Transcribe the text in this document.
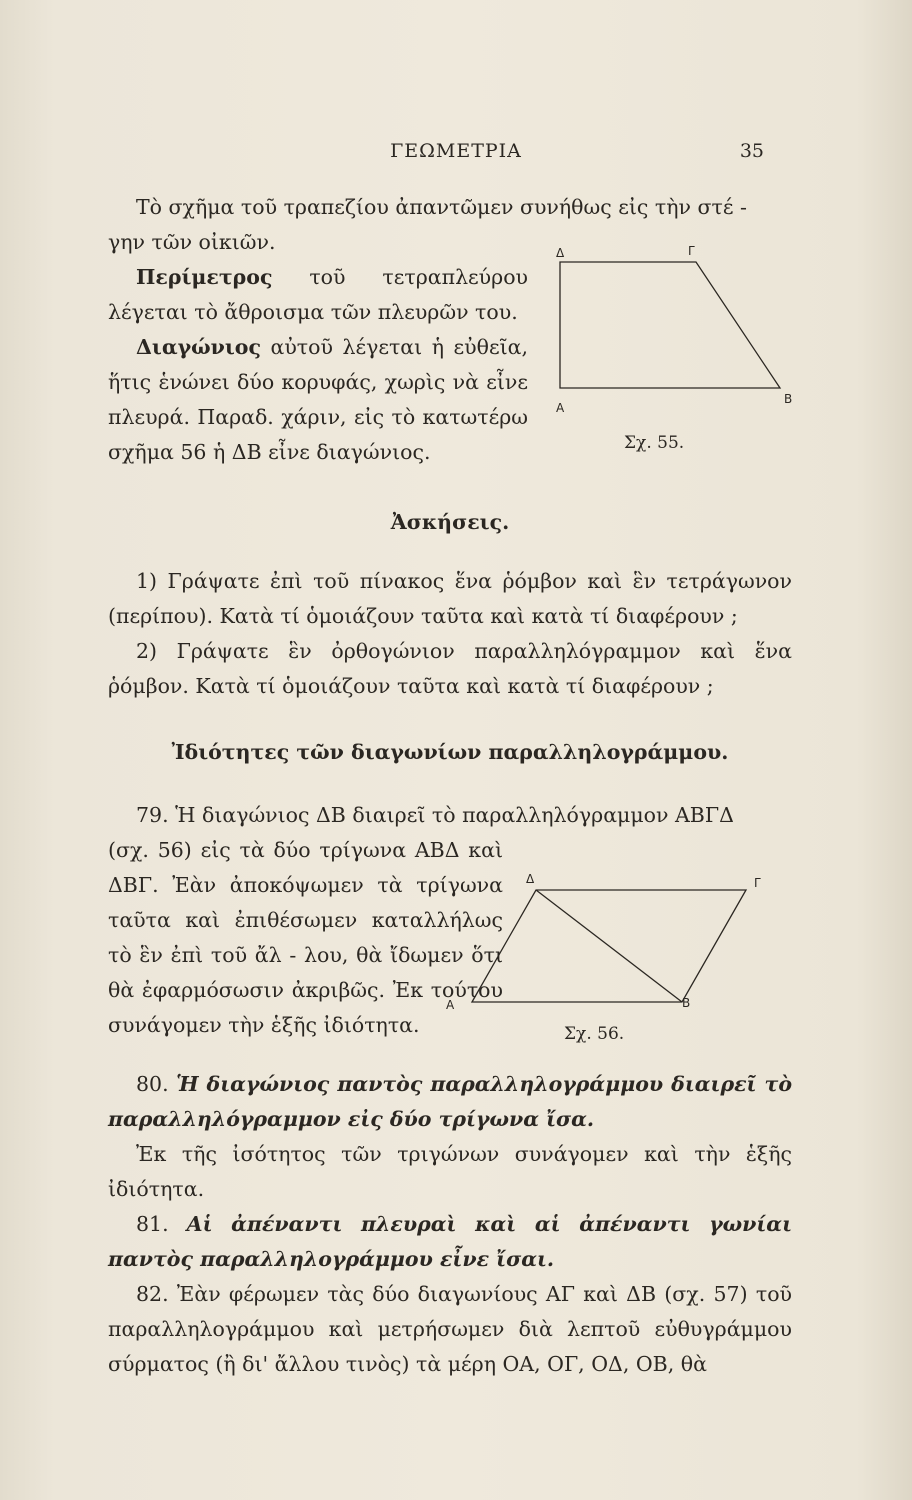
ΓΕΩΜΕΤΡΙΑ	35
Δ	Γ
Α
Β
Σχ. 55.

Τὸ σχῆμα τοῦ τραπεζίου ἀπαντῶμεν συνήθως εἰς τὴν στέ -

γην τῶν οἰκιῶν.

Περίμετρος τοῦ τετραπλεύρου λέγεται τὸ ἄθροισμα τῶν πλευρῶν του.

Διαγώνιος αὐτοῦ λέγεται ἡ εὐθεῖα, ἥτις ἑνώνει δύο κορυφάς, χωρὶς νὰ εἶνε πλευρά. Παραδ. χάριν, εἰς τὸ κατωτέρω σχῆμα 56 ἡ ΔΒ εἶνε διαγώνιος.

Ἀσκήσεις.

1) Γράψατε ἐπὶ τοῦ πίνακος ἕνα ῥόμβον καὶ ἓν τετράγωνον (περίπου). Κατὰ τί ὁμοιάζουν ταῦτα καὶ κατὰ τί διαφέρουν ;

2) Γράψατε ἓν ὀρθογώνιον παραλληλόγραμμον καὶ ἕνα ῥόμβον. Κατὰ τί ὁμοιάζουν ταῦτα καὶ κατὰ τί διαφέρουν ;

Ἰδιότητες τῶν διαγωνίων παραλληλογράμμου.

79. Ἡ διαγώνιος ΔΒ διαιρεῖ τὸ παραλληλόγραμμον ΑΒΓΔ

(σχ. 56) εἰς τὰ δύο τρίγωνα ΑΒΔ καὶ ΔΒΓ. Ἐὰν ἀποκόψωμεν τὰ τρίγωνα ταῦτα καὶ ἐπιθέσωμεν καταλλήλως τὸ ἓν ἐπὶ τοῦ ἄλ - λου, θὰ ἴδωμεν ὅτι θὰ ἐφαρμόσωσιν ἀκριβῶς. Ἐκ τούτου συνάγομεν τὴν ἑξῆς ἰδιότητα.

80. Ἡ διαγώνιος παντὸς παραλληλογράμμου διαιρεῖ τὸ παραλληλόγραμμον εἰς δύο τρίγωνα ἴσα.

Ἐκ τῆς ἰσότητος τῶν τριγώνων συνάγομεν καὶ τὴν ἑξῆς ἰδιότητα.

81. Αἱ ἀπέναντι πλευραὶ καὶ αἱ ἀπέναντι γωνίαι παντὸς παραλληλογράμμου εἶνε ἴσαι.

82. Ἐὰν φέρωμεν τὰς δύο διαγωνίους ΑΓ καὶ ΔΒ (σχ. 57) τοῦ παραλληλογράμμου καὶ μετρήσωμεν διὰ λεπτοῦ εὐθυγράμμου σύρματος (ἢ δι' ἄλλου τινὸς) τὰ μέρη ΟΑ, ΟΓ, ΟΔ, ΟΒ, θὰ

Δ	Γ
Α	Β
Σχ. 56.
